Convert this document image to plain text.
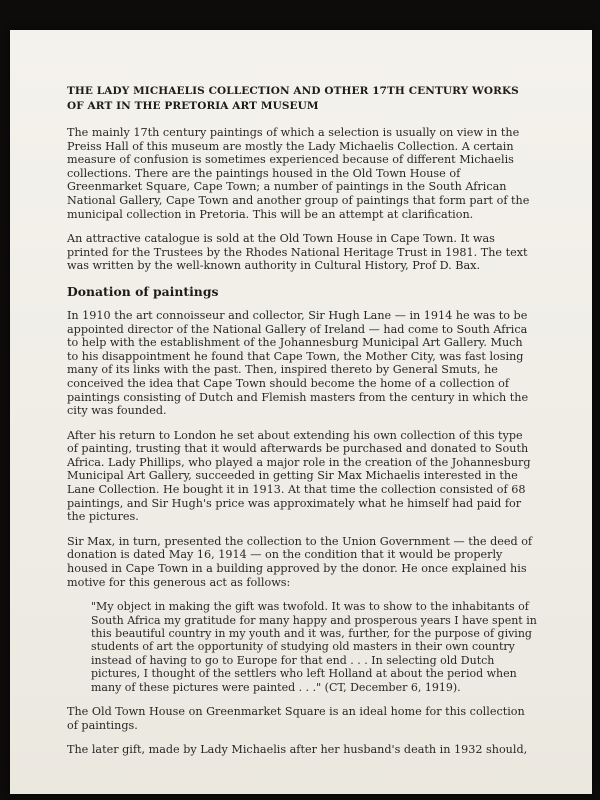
THE LADY MICHAELIS COLLECTION AND OTHER 17TH CENTURY WORKS OF ART IN THE PRETORIA ART MUSEUM

The mainly 17th century paintings of which a selection is usually on view in the Preiss Hall of this museum are mostly the Lady Michaelis Collection. A certain measure of confusion is sometimes experienced because of different Michaelis collections. There are the paintings housed in the Old Town House of Greenmarket Square, Cape Town; a number of paintings in the South African National Gallery, Cape Town and another group of paintings that form part of the municipal collection in Pretoria. This will be an attempt at clarification.

An attractive catalogue is sold at the Old Town House in Cape Town. It was printed for the Trustees by the Rhodes National Heritage Trust in 1981. The text was written by the well-known authority in Cultural History, Prof D. Bax.

Donation of paintings

In 1910 the art connoisseur and collector, Sir Hugh Lane — in 1914 he was to be appointed director of the National Gallery of Ireland — had come to South Africa to help with the establishment of the Johannesburg Municipal Art Gallery. Much to his disappointment he found that Cape Town, the Mother City, was fast losing many of its links with the past. Then, inspired thereto by General Smuts, he conceived the idea that Cape Town should become the home of a collection of paintings consisting of Dutch and Flemish masters from the century in which the city was founded.

After his return to London he set about extending his own collection of this type of painting, trusting that it would afterwards be purchased and donated to South Africa. Lady Phillips, who played a major role in the creation of the Johannesburg Municipal Art Gallery, succeeded in getting Sir Max Michaelis interested in the Lane Collection. He bought it in 1913. At that time the collection consisted of 68 paintings, and Sir Hugh's price was approximately what he himself had paid for the pictures.

Sir Max, in turn, presented the collection to the Union Government — the deed of donation is dated May 16, 1914 — on the condition that it would be properly housed in Cape Town in a building approved by the donor. He once explained his motive for this generous act as follows:

"My object in making the gift was twofold. It was to show to the inhabitants of South Africa my gratitude for many happy and prosperous years I have spent in this beautiful country in my youth and it was, further, for the purpose of giving students of art the opportunity of studying old masters in their own country instead of having to go to Europe for that end . . . In selecting old Dutch pictures, I thought of the settlers who left Holland at about the period when many of these pictures were painted . . ." (CT, December 6, 1919).

The Old Town House on Greenmarket Square is an ideal home for this collection of paintings.

The later gift, made by Lady Michaelis after her husband's death in 1932 should,
